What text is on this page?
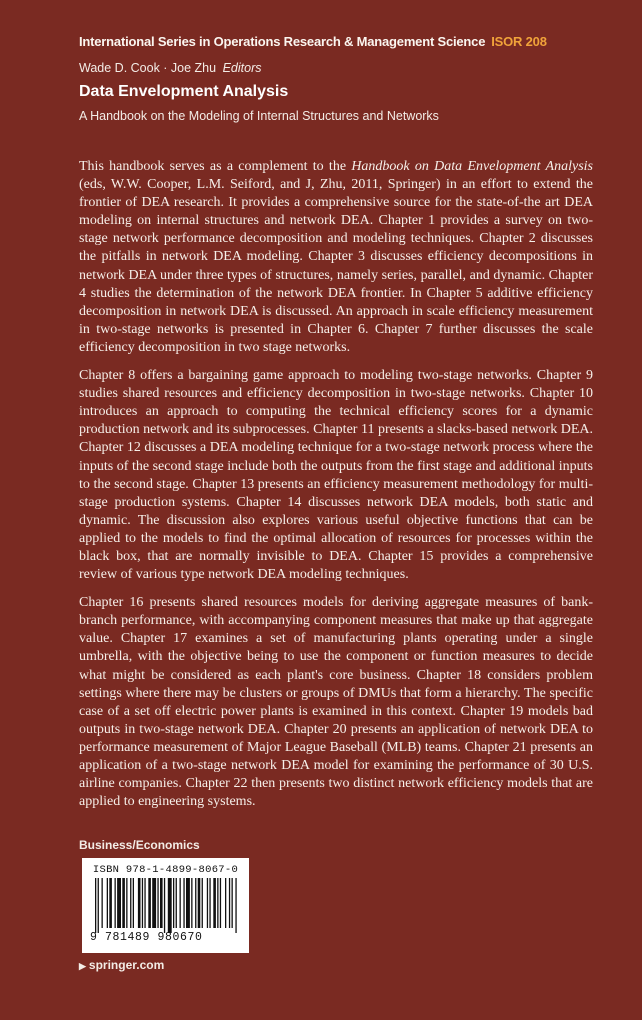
International Series in Operations Research & Management Science ISOR 208
Wade D. Cook · Joe Zhu Editors
Data Envelopment Analysis
A Handbook on the Modeling of Internal Structures and Networks

This handbook serves as a complement to the Handbook on Data Envelopment Analysis (eds, W.W. Cooper, L.M. Seiford, and J, Zhu, 2011, Springer) in an effort to extend the frontier of DEA research. It provides a comprehensive source for the state-of-the art DEA modeling on internal structures and network DEA. Chapter 1 provides a survey on two-stage network performance decomposition and modeling techniques. Chapter 2 discusses the pitfalls in network DEA modeling. Chapter 3 discusses efficiency decompositions in network DEA under three types of structures, namely series, parallel, and dynamic. Chapter 4 studies the determination of the network DEA frontier. In Chapter 5 additive efficiency decomposition in network DEA is discussed. An approach in scale efficiency measurement in two-stage networks is presented in Chapter 6. Chapter 7 further discusses the scale efficiency decomposition in two stage networks.

Chapter 8 offers a bargaining game approach to modeling two-stage networks. Chapter 9 studies shared resources and efficiency decomposition in two-stage networks. Chapter 10 introduces an approach to computing the technical efficiency scores for a dynamic production network and its subprocesses. Chapter 11 presents a slacks-based network DEA. Chapter 12 discusses a DEA modeling technique for a two-stage network process where the inputs of the second stage include both the outputs from the first stage and additional inputs to the second stage. Chapter 13 presents an efficiency measurement methodology for multi-stage production systems. Chapter 14 discusses network DEA models, both static and dynamic. The discussion also explores various useful objective functions that can be applied to the models to find the optimal allocation of resources for processes within the black box, that are normally invisible to DEA. Chapter 15 provides a comprehensive review of various type network DEA modeling techniques.

Chapter 16 presents shared resources models for deriving aggregate measures of bank-branch performance, with accompanying component measures that make up that aggregate value. Chapter 17 examines a set of manufacturing plants operating under a single umbrella, with the objective being to use the component or function measures to decide what might be considered as each plant's core business. Chapter 18 considers problem settings where there may be clusters or groups of DMUs that form a hierarchy. The specific case of a set off electric power plants is examined in this context. Chapter 19 models bad outputs in two-stage network DEA. Chapter 20 presents an application of network DEA to performance measurement of Major League Baseball (MLB) teams. Chapter 21 presents an application of a two-stage network DEA model for examining the performance of 30 U.S. airline companies. Chapter 22 then presents two distinct network efficiency models that are applied to engineering systems.

Business/Economics
ISBN 978-1-4899-8067-0
9 781489 980670
▶ springer.com
